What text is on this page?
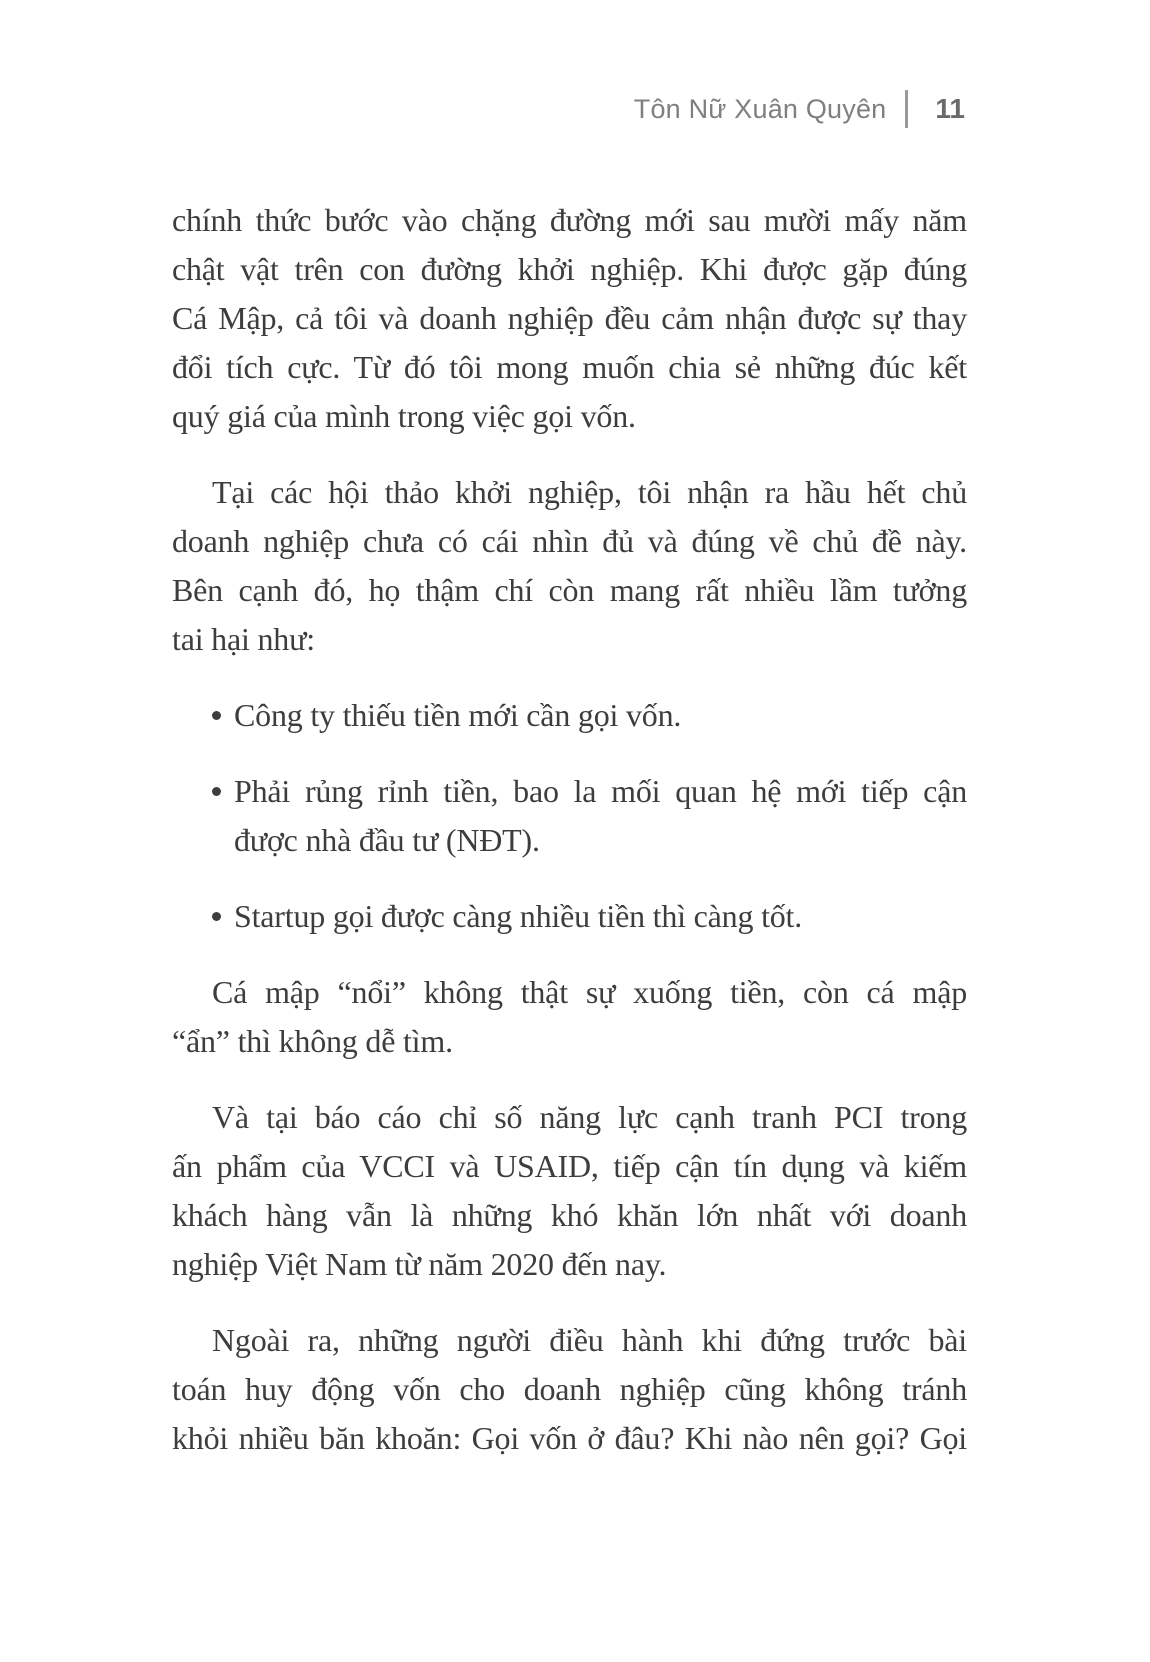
Tôn Nữ Xuân Quyên 11
chính thức bước vào chặng đường mới sau mười mấy năm
chật vật trên con đường khởi nghiệp. Khi được gặp đúng
Cá Mập, cả tôi và doanh nghiệp đều cảm nhận được sự thay
đổi tích cực. Từ đó tôi mong muốn chia sẻ những đúc kết
quý giá của mình trong việc gọi vốn.
Tại các hội thảo khởi nghiệp, tôi nhận ra hầu hết chủ
doanh nghiệp chưa có cái nhìn đủ và đúng về chủ đề này.
Bên cạnh đó, họ thậm chí còn mang rất nhiều lầm tưởng
tai hại như:
Công ty thiếu tiền mới cần gọi vốn.
Phải rủng rỉnh tiền, bao la mối quan hệ mới tiếp cận
được nhà đầu tư (NĐT).
Startup gọi được càng nhiều tiền thì càng tốt.
Cá mập “nổi” không thật sự xuống tiền, còn cá mập
“ẩn” thì không dễ tìm.
Và tại báo cáo chỉ số năng lực cạnh tranh PCI trong
ấn phẩm của VCCI và USAID, tiếp cận tín dụng và kiếm
khách hàng vẫn là những khó khăn lớn nhất với doanh
nghiệp Việt Nam từ năm 2020 đến nay.
Ngoài ra, những người điều hành khi đứng trước bài
toán huy động vốn cho doanh nghiệp cũng không tránh
khỏi nhiều băn khoăn: Gọi vốn ở đâu? Khi nào nên gọi? Gọi
